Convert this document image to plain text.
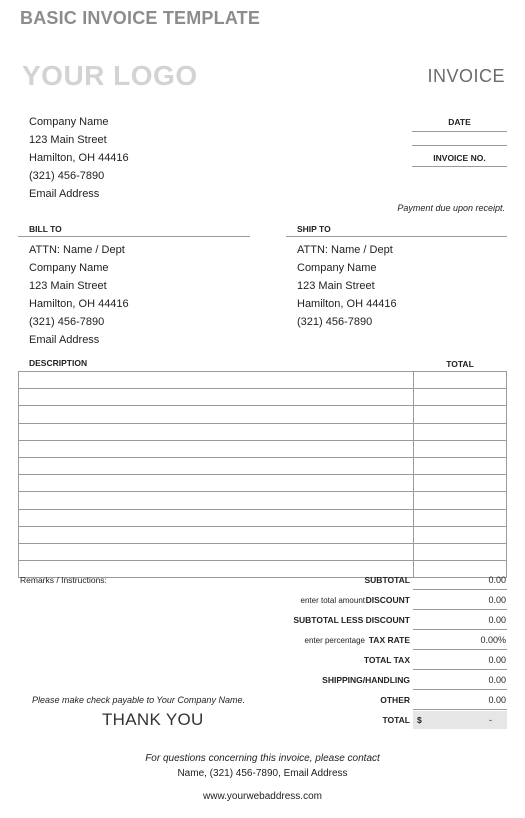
BASIC INVOICE TEMPLATE
YOUR LOGO	INVOICE
Company Name
123 Main Street
Hamilton, OH 44416
(321) 456-7890
Email Address
DATE
INVOICE NO.
Payment due upon receipt.
BILL TO
ATTN: Name / Dept
Company Name
123 Main Street
Hamilton, OH 44416
(321) 456-7890
Email Address
SHIP TO
ATTN: Name / Dept
Company Name
123 Main Street
Hamilton, OH 44416
(321) 456-7890
DESCRIPTION	TOTAL

Remarks / Instructions:	SUBTOTAL	0.00
enter total amount DISCOUNT	0.00
SUBTOTAL LESS DISCOUNT	0.00
enter percentage TAX RATE	0.00%
TOTAL TAX	0.00
SHIPPING/HANDLING	0.00
OTHER	0.00
TOTAL $	-
Please make check payable to Your Company Name.
THANK YOU
For questions concerning this invoice, please contact
Name, (321) 456-7890, Email Address
www.yourwebaddress.com
